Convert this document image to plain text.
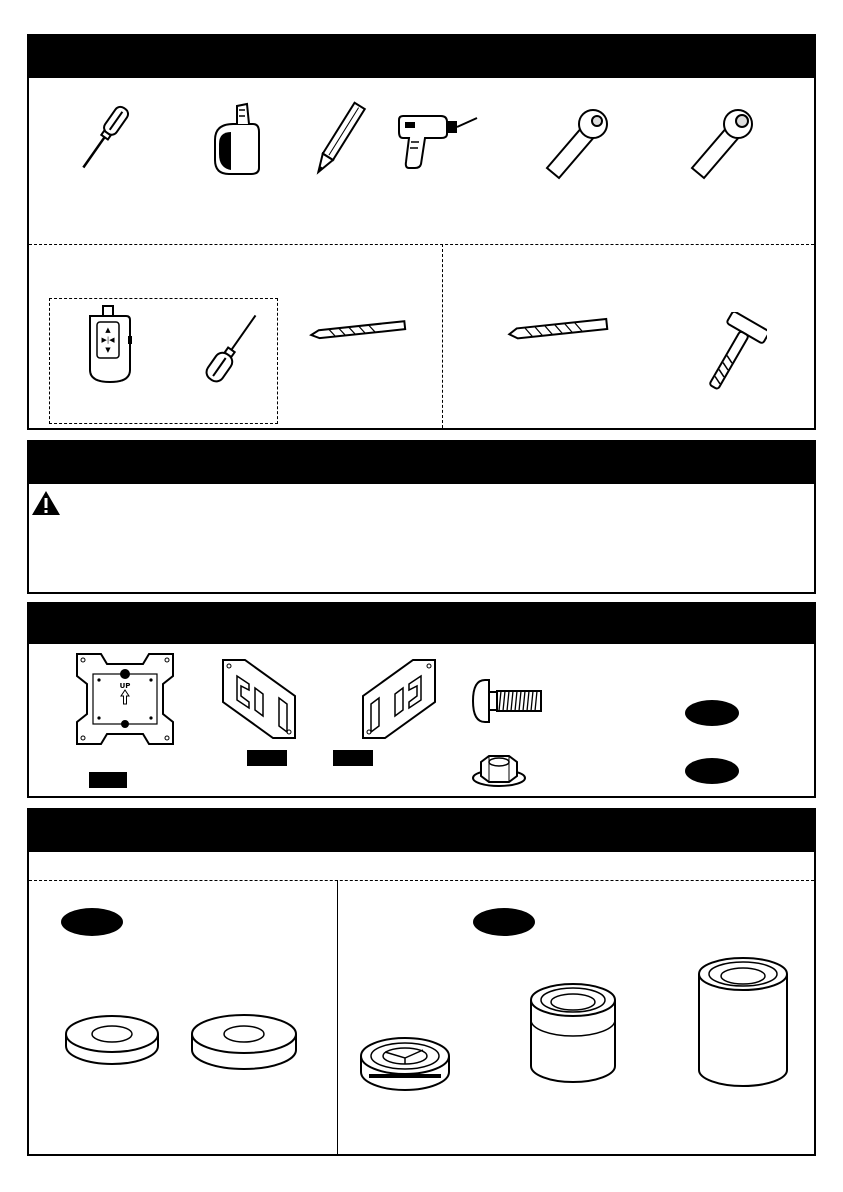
▲
▶|◀
▼
UP
